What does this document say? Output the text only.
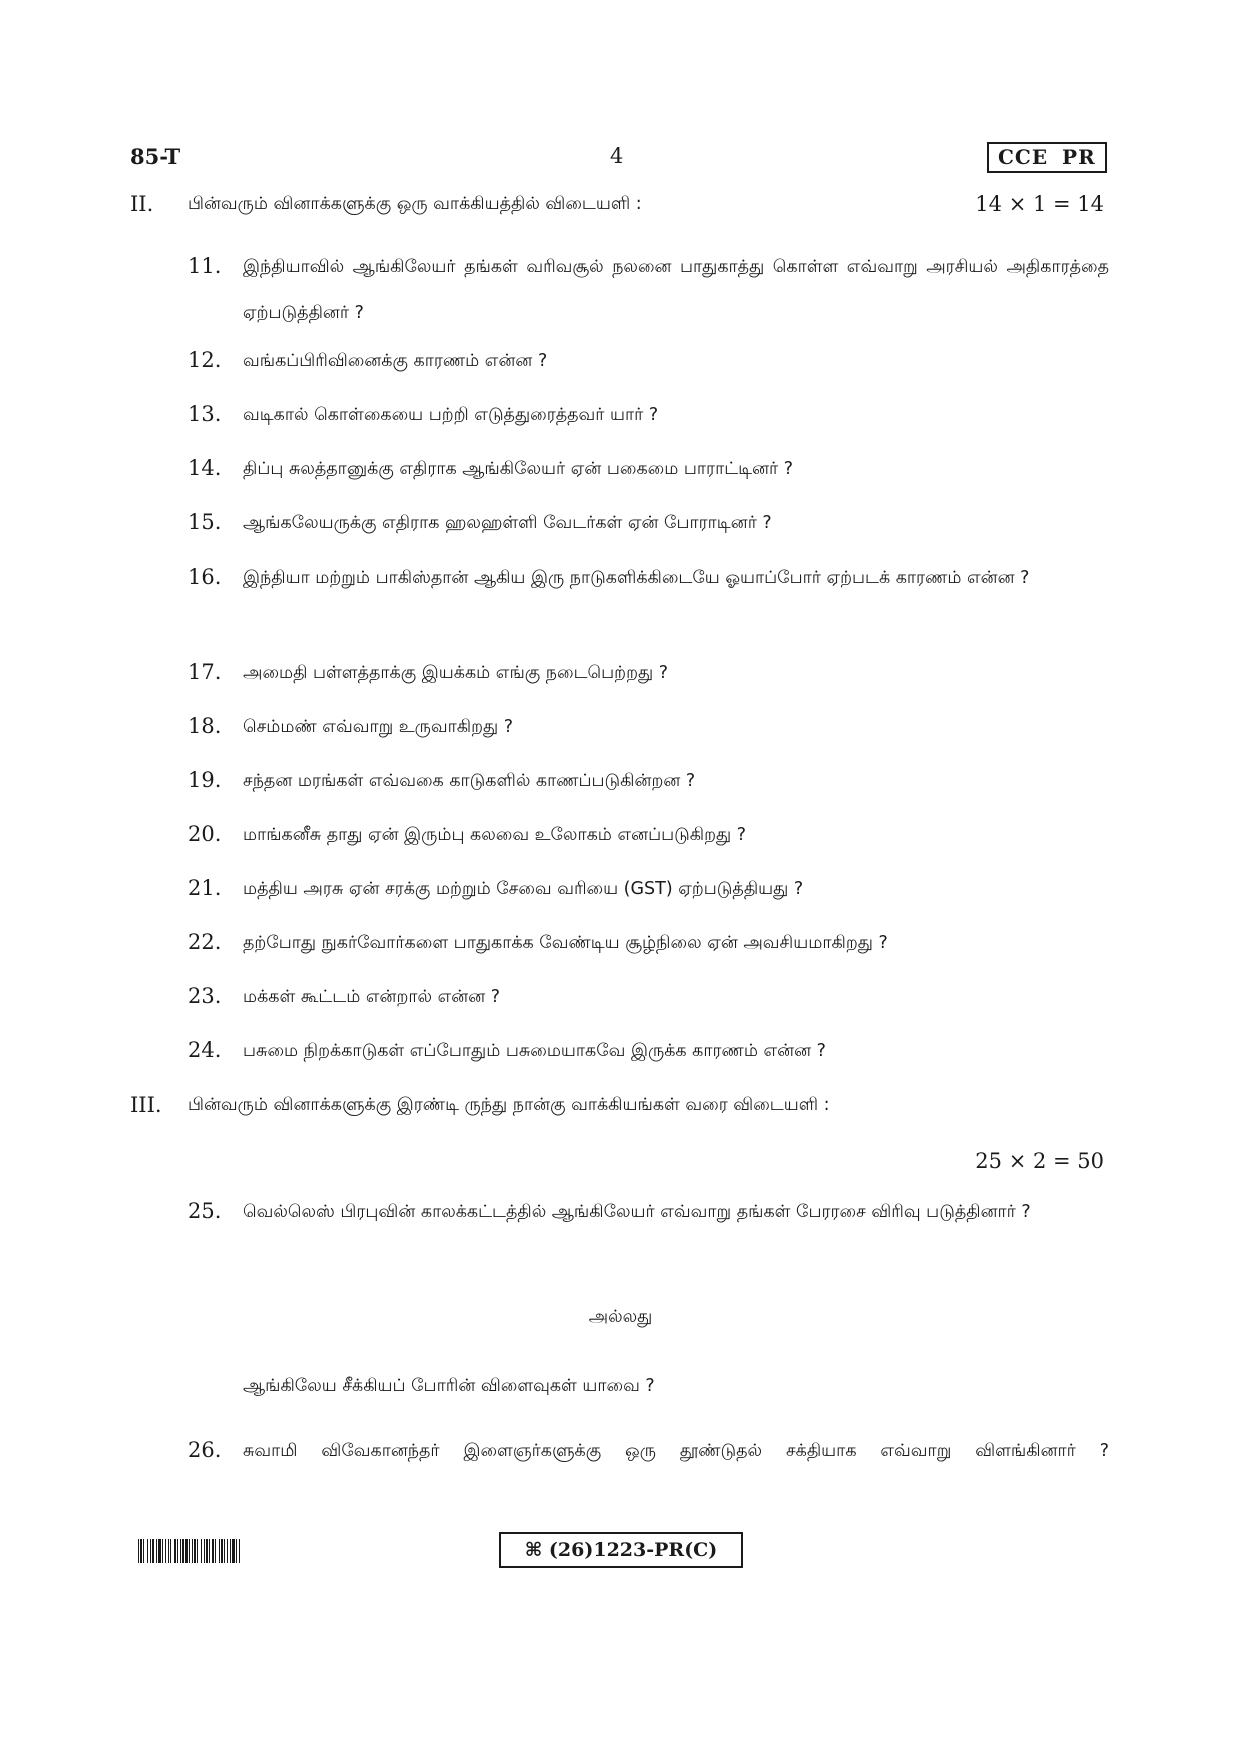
85-T	4	CCE PR
II. பின்வரும் வினாக்களுக்கு ஒரு வாக்கியத்தில் விடையளி :	14 × 1 = 14
11. இந்தியாவில் ஆங்கிலேயர் தங்கள் வரிவசூல் நலனை பாதுகாத்து கொள்ள எவ்வாறு அரசியல் அதிகாரத்தை ஏற்படுத்தினர் ?
12. வங்கப்பிரிவினைக்கு காரணம் என்ன ?
13. வடிகால் கொள்கையை பற்றி எடுத்துரைத்தவர் யார் ?
14. திப்பு சுலத்தானுக்கு எதிராக ஆங்கிலேயர் ஏன் பகைமை பாராட்டினர் ?
15. ஆங்கலேயருக்கு எதிராக ஹலஹள்ளி வேடர்கள் ஏன் போராடினர் ?
16. இந்தியா மற்றும் பாகிஸ்தான் ஆகிய இரு நாடுகளிக்கிடையே ஓயாப்போர் ஏற்படக் காரணம் என்ன ?
17. அமைதி பள்ளத்தாக்கு இயக்கம் எங்கு நடைபெற்றது ?
18. செம்மண் எவ்வாறு உருவாகிறது ?
19. சந்தன மரங்கள் எவ்வகை காடுகளில் காணப்படுகின்றன ?
20. மாங்கனீசு தாது ஏன் இரும்பு கலவை உலோகம் எனப்படுகிறது ?
21. மத்திய அரசு ஏன் சரக்கு மற்றும் சேவை வரியை (GST) ஏற்படுத்தியது ?
22. தற்போது நுகர்வோர்களை பாதுகாக்க வேண்டிய சூழ்நிலை ஏன் அவசியமாகிறது ?
23. மக்கள் கூட்டம் என்றால் என்ன ?
24. பசுமை நிறக்காடுகள் எப்போதும் பசுமையாகவே இருக்க காரணம் என்ன ?
III. பின்வரும் வினாக்களுக்கு இரண்டி ருந்து நான்கு வாக்கியங்கள் வரை விடையளி :
25 × 2 = 50
25. வெல்லெஸ் பிரபுவின் காலக்கட்டத்தில் ஆங்கிலேயர் எவ்வாறு தங்கள் பேரரசை விரிவு படுத்தினார் ?
அல்லது
ஆங்கிலேய சீக்கியப் போரின் விளைவுகள் யாவை ?
26. சுவாமி விவேகானந்தர் இளைஞர்களுக்கு ஒரு தூண்டுதல் சக்தியாக எவ்வாறு விளங்கினார் ?
⌘ (26)1223-PR(C)
